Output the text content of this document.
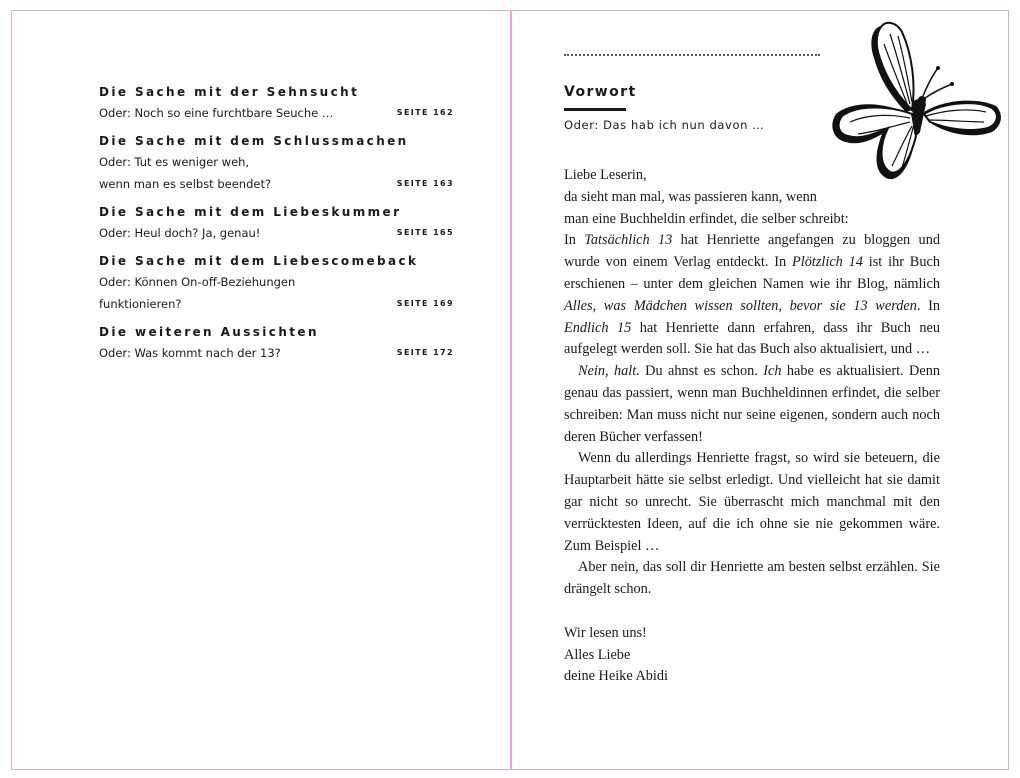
Die Sache mit der Sehnsucht
Oder: Noch so eine furchtbare Seuche …	SEITE 162
Die Sache mit dem Schlussmachen
Oder: Tut es weniger weh,
wenn man es selbst beendet?	SEITE 163
Die Sache mit dem Liebeskummer
Oder: Heul doch? Ja, genau!	SEITE 165
Die Sache mit dem Liebescomeback
Oder: Können On-off-Beziehungen
funktionieren?	SEITE 169
Die weiteren Aussichten
Oder: Was kommt nach der 13?	SEITE 172
Vorwort
Oder: Das hab ich nun davon …

Liebe Leserin,

da sieht man mal, was passieren kann, wenn

man eine Buchheldin erfindet, die selber schreibt:

In Tatsächlich 13 hat Henriette angefangen zu bloggen und wurde von einem Verlag entdeckt. In Plötzlich 14 ist ihr Buch erschienen – unter dem gleichen Namen wie ihr Blog, nämlich Alles, was Mädchen wissen sollten, bevor sie 13 werden. In Endlich 15 hat Henriette dann erfahren, dass ihr Buch neu aufgelegt werden soll. Sie hat das Buch also aktualisiert, und …

Nein, halt. Du ahnst es schon. Ich habe es aktualisiert. Denn genau das passiert, wenn man Buchheldinnen erfindet, die selber schreiben: Man muss nicht nur seine eigenen, sondern auch noch deren Bücher verfassen!

Wenn du allerdings Henriette fragst, so wird sie beteuern, die Hauptarbeit hätte sie selbst erledigt. Und vielleicht hat sie damit gar nicht so unrecht. Sie überrascht mich manchmal mit den verrücktesten Ideen, auf die ich ohne sie nie gekommen wäre. Zum Beispiel …

Aber nein, das soll dir Henriette am besten selbst erzählen. Sie drängelt schon.

Wir lesen uns!

Alles Liebe

deine Heike Abidi
